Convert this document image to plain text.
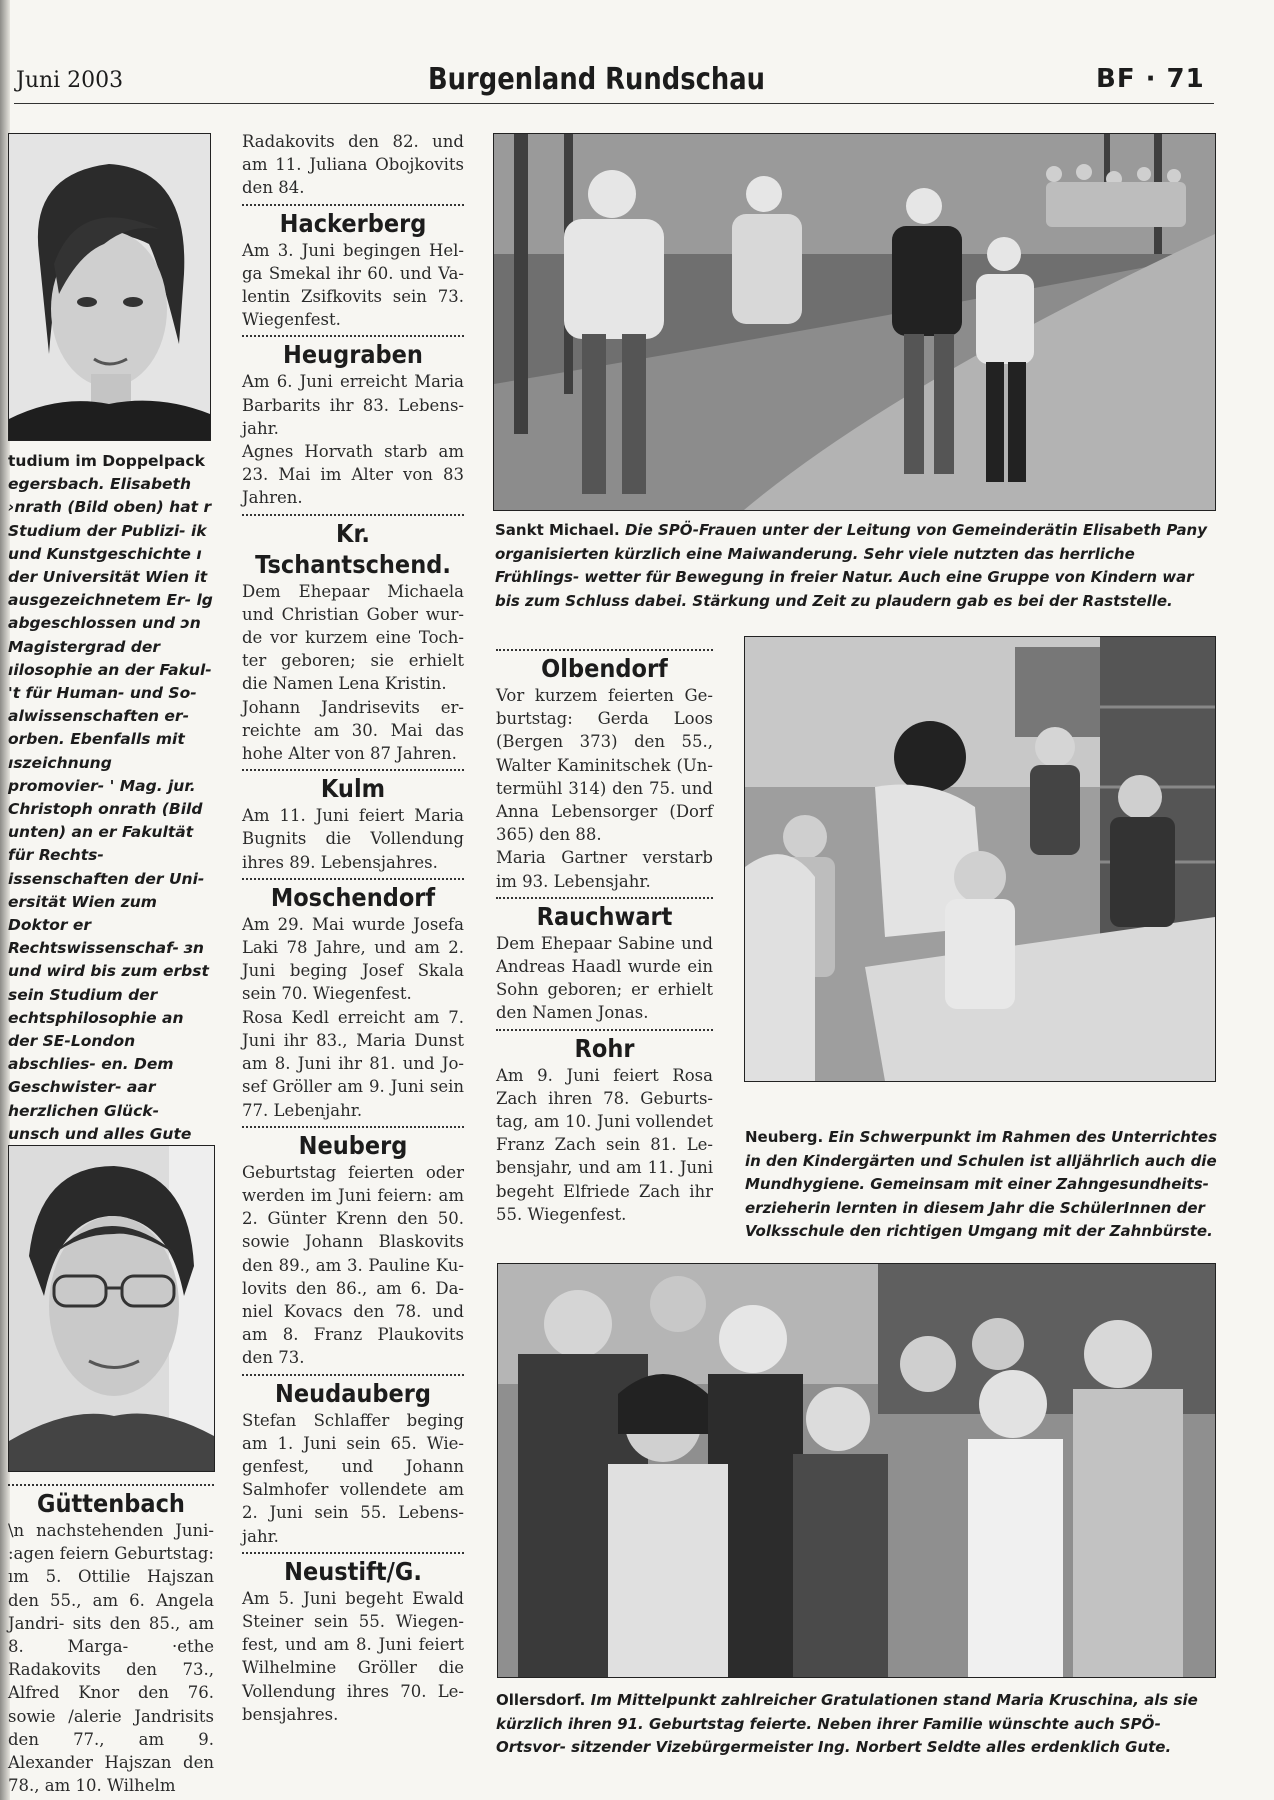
Juni 2003	Burgenland Rundschau	BF · 71
tudium im Doppelpack
egersbach. Elisabeth ›nrath (Bild oben) hat r Studium der Publizi- ik und Kunstgeschichte ı der Universität Wien it ausgezeichnetem Er- lg abgeschlossen und ͻn Magistergrad der ıilosophie an der Fakul- 't für Human- und So- alwissenschaften er- orben. Ebenfalls mit ıszeichnung promovier- ' Mag. jur. Christoph onrath (Bild unten) an er Fakultät für Rechts- issenschaften der Uni- ersität Wien zum Doktor er Rechtswissenschaf- ɜn und wird bis zum erbst sein Studium der echtsphilosophie an der SE-London abschlies- en. Dem Geschwister- aar herzlichen Glück- unsch und alles Gute
Güttenbach
\n nachstehenden Juni- :agen feiern Geburtstag: ım 5. Ottilie Hajszan den 55., am 6. Angela Jandri- sits den 85., am 8. Marga- ·ethe Radakovits den 73., Alfred Knor den 76. sowie /alerie Jandrisits den 77., am 9. Alexander Hajszan den 78., am 10. Wilhelm
Radakovits den 82. und am 11. Juliana Obojkovits den 84.
Hackerberg
Am 3. Juni begingen Hel- ga Smekal ihr 60. und Va- lentin Zsifkovits sein 73. Wiegenfest.
Heugraben
Am 6. Juni erreicht Maria Barbarits ihr 83. Lebens- jahr.
Agnes Horvath starb am 23. Mai im Alter von 83 Jahren.
Kr. Tschantschend.
Dem Ehepaar Michaela und Christian Gober wur- de vor kurzem eine Toch- ter geboren; sie erhielt die Namen Lena Kristin.
Johann Jandrisevits er- reichte am 30. Mai das hohe Alter von 87 Jahren.
Kulm
Am 11. Juni feiert Maria Bugnits die Vollendung ihres 89. Lebensjahres.
Moschendorf
Am 29. Mai wurde Josefa Laki 78 Jahre, und am 2. Juni beging Josef Skala sein 70. Wiegenfest.
Rosa Kedl erreicht am 7. Juni ihr 83., Maria Dunst am 8. Juni ihr 81. und Jo- sef Gröller am 9. Juni sein 77. Lebenjahr.
Neuberg
Geburtstag feierten oder werden im Juni feiern: am 2. Günter Krenn den 50. sowie Johann Blaskovits den 89., am 3. Pauline Ku- lovits den 86., am 6. Da- niel Kovacs den 78. und am 8. Franz Plaukovits den 73.
Neudauberg
Stefan Schlaffer beging am 1. Juni sein 65. Wie- genfest, und Johann Salmhofer vollendete am 2. Juni sein 55. Lebens- jahr.
Neustift/G.
Am 5. Juni begeht Ewald Steiner sein 55. Wiegen- fest, und am 8. Juni feiert Wilhelmine Gröller die Vollendung ihres 70. Le- bensjahres.
Sankt Michael. Die SPÖ-Frauen unter der Leitung von Gemeinderätin Elisabeth Pany organisierten kürzlich eine Maiwanderung. Sehr viele nutzten das herrliche Frühlings- wetter für Bewegung in freier Natur. Auch eine Gruppe von Kindern war bis zum Schluss dabei. Stärkung und Zeit zu plaudern gab es bei der Raststelle.
Olbendorf
Vor kurzem feierten Ge- burtstag: Gerda Loos (Bergen 373) den 55., Walter Kaminitschek (Un- termühl 314) den 75. und Anna Lebensorger (Dorf 365) den 88.
Maria Gartner verstarb im 93. Lebensjahr.
Rauchwart
Dem Ehepaar Sabine und Andreas Haadl wurde ein Sohn geboren; er erhielt den Namen Jonas.
Rohr
Am 9. Juni feiert Rosa Zach ihren 78. Geburts- tag, am 10. Juni vollendet Franz Zach sein 81. Le- bensjahr, und am 11. Juni begeht Elfriede Zach ihr 55. Wiegenfest.
Neuberg. Ein Schwerpunkt im Rahmen des Unterrichtes in den Kindergärten und Schulen ist alljährlich auch die Mundhygiene. Gemeinsam mit einer Zahngesundheits- erzieherin lernten in diesem Jahr die SchülerInnen der Volksschule den richtigen Umgang mit der Zahnbürste.
Ollersdorf. Im Mittelpunkt zahlreicher Gratulationen stand Maria Kruschina, als sie kürzlich ihren 91. Geburtstag feierte. Neben ihrer Familie wünschte auch SPÖ-Ortsvor- sitzender Vizebürgermeister Ing. Norbert Seldte alles erdenklich Gute.
